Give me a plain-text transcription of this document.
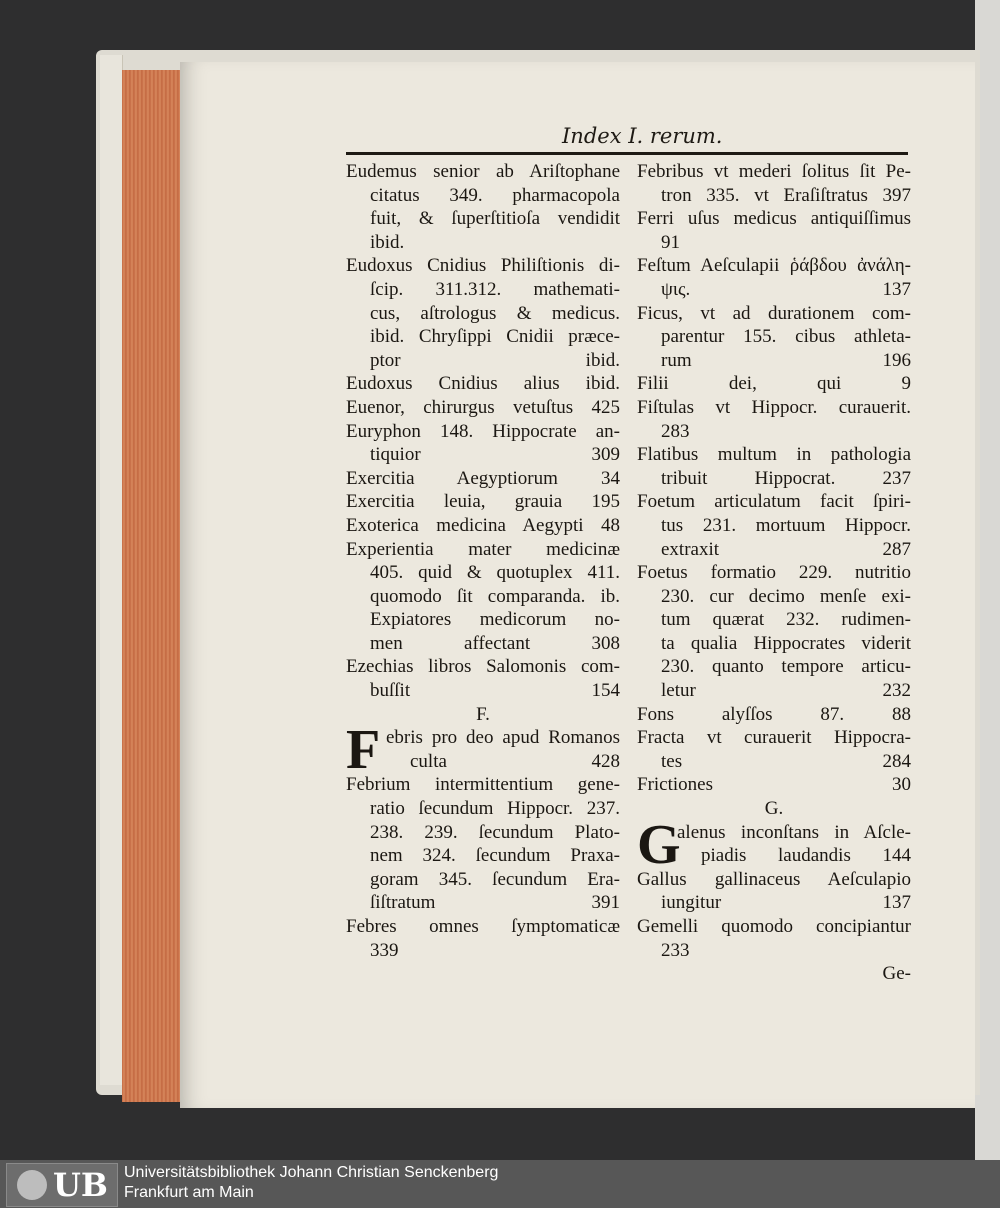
Index I. rerum.
Eudemus senior ab Ariſtophane
citatus 349. pharmacopola
fuit, & ſuperſtitioſa vendidit
ibid.
Eudoxus Cnidius Philiſtionis di-
ſcip. 311.312. mathemati-
cus, aſtrologus & medicus.
ibid. Chryſippi Cnidii præce-
ptor ibid.
Eudoxus Cnidius alius ibid.
Euenor, chirurgus vetuſtus 425
Euryphon 148. Hippocrate an-
tiquior 309
Exercitia Aegyptiorum 34
Exercitia leuia, grauia 195
Exoterica medicina Aegypti 48
Experientia mater medicinæ
405. quid & quotuplex 411.
quomodo ſit comparanda. ib.
Expiatores medicorum no-
men affectant 308
Ezechias libros Salomonis com-
buſſit 154
F.
F ebris pro deo apud Romanos
culta 428
Febrium intermittentium gene-
ratio ſecundum Hippocr. 237.
238. 239. ſecundum Plato-
nem 324. ſecundum Praxa-
goram 345. ſecundum Era-
ſiſtratum 391
Febres omnes ſymptomaticæ
339
Febribus vt mederi ſolitus ſit Pe-
tron 335. vt Eraſiſtratus 397
Ferri uſus medicus antiquiſſimus
91
Feſtum Aeſculapii ῥάβδου ἀνάλη-
ψις. 137
Ficus, vt ad durationem com-
parentur 155. cibus athleta-
rum 196
Filii dei, qui 9
Fiſtulas vt Hippocr. curauerit.
283
Flatibus multum in pathologia
tribuit Hippocrat. 237
Foetum articulatum facit ſpiri-
tus 231. mortuum Hippocr.
extraxit 287
Foetus formatio 229. nutritio
230. cur decimo menſe exi-
tum quærat 232. rudimen-
ta qualia Hippocrates viderit
230. quanto tempore articu-
letur 232
Fons alyſſos 87. 88
Fracta vt curauerit Hippocra-
tes 284
Frictiones 30
G.
G
alenus inconſtans in Aſcle-
piadis laudandis 144
Gallus gallinaceus Aeſculapio
iungitur 137
Gemelli quomodo concipiantur
233
Ge-
UB Universitätsbibliothek Johann Christian Senckenberg
Frankfurt am Main
